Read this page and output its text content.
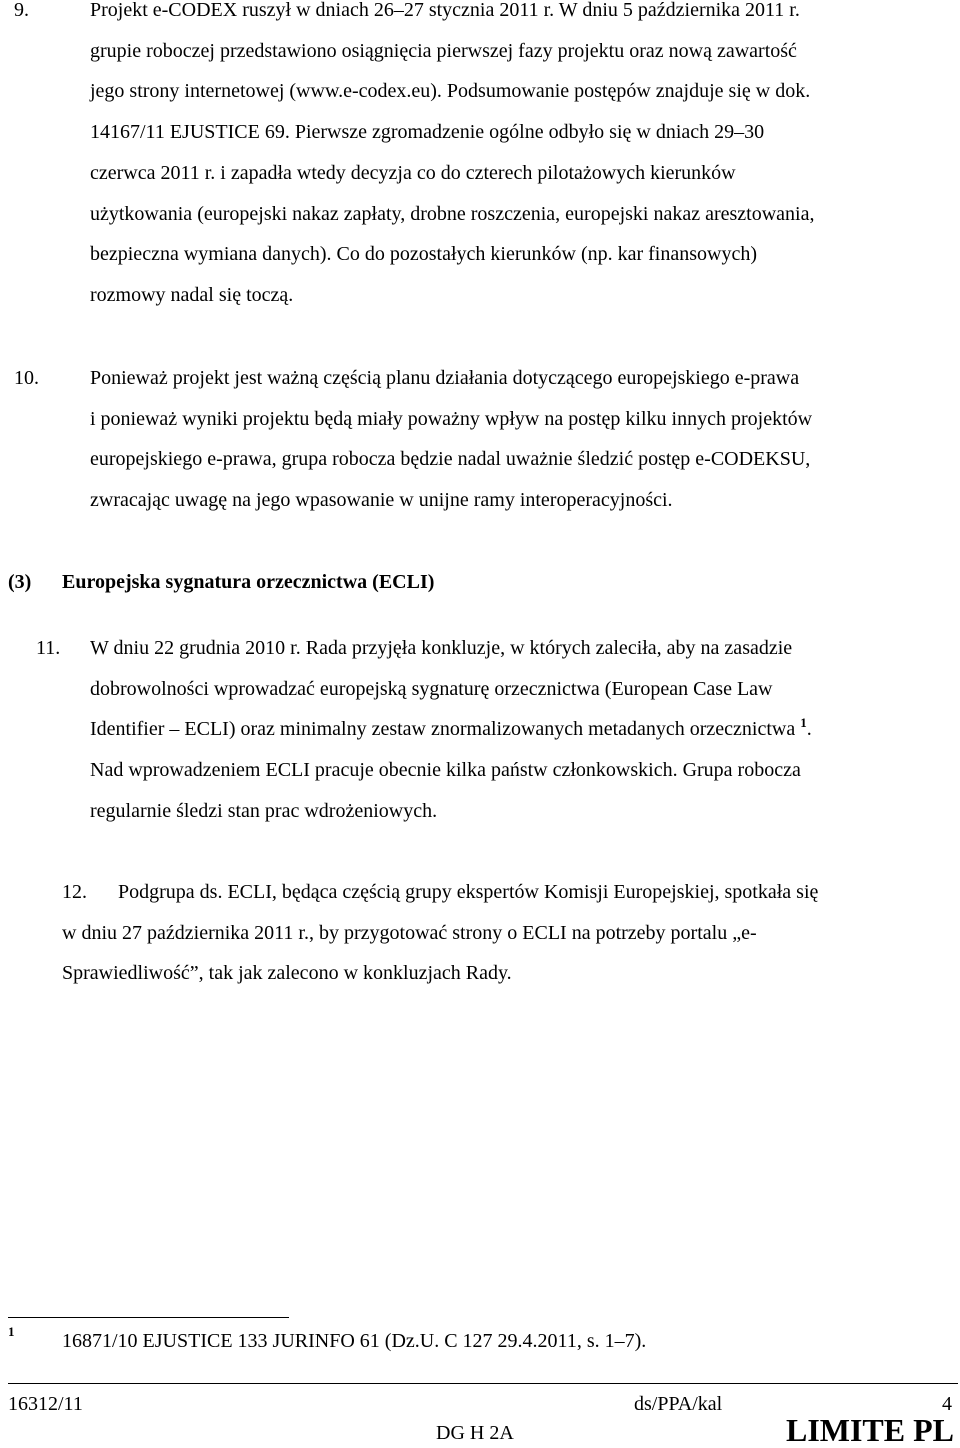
9.	Projekt e-CODEX ruszył w dniach 26–27 stycznia 2011 r. W dniu 5 października 2011 r.

grupie roboczej przedstawiono osiągnięcia pierwszej fazy projektu oraz nową zawartość

jego strony internetowej (www.e-codex.eu). Podsumowanie postępów znajduje się w dok.

14167/11 EJUSTICE 69. Pierwsze zgromadzenie ogólne odbyło się w dniach 29–30

czerwca 2011 r. i zapadła wtedy decyzja co do czterech pilotażowych kierunków

użytkowania (europejski nakaz zapłaty, drobne roszczenia, europejski nakaz aresztowania,

bezpieczna wymiana danych). Co do pozostałych kierunków (np. kar finansowych)

rozmowy nadal się toczą.

10.	Ponieważ projekt jest ważną częścią planu działania dotyczącego europejskiego e-prawa

i ponieważ wyniki projektu będą miały poważny wpływ na postęp kilku innych projektów

europejskiego e-prawa, grupa robocza będzie nadal uważnie śledzić postęp e-CODEKSU,

zwracając uwagę na jego wpasowanie w unijne ramy interoperacyjności.

(3) Europejska sygnatura orzecznictwa (ECLI)
11. W dniu 22 grudnia 2010 r. Rada przyjęła konkluzje, w których zaleciła, aby na zasadzie

dobrowolności wprowadzać europejską sygnaturę orzecznictwa (European Case Law

Identifier – ECLI) oraz minimalny zestaw znormalizowanych metadanych orzecznictwa $^1$.

Nad wprowadzeniem ECLI pracuje obecnie kilka państw członkowskich. Grupa robocza

regularnie śledzi stan prac wdrożeniowych.

12. Podgrupa ds. ECLI, będąca częścią grupy ekspertów Komisji Europejskiej, spotkała się

w dniu 27 października 2011 r., by przygotować strony o ECLI na potrzeby portalu „e-

Sprawiedliwość”, tak jak zalecono w konkluzjach Rady.

1 16871/10 EJUSTICE 133 JURINFO 61 (Dz.U. C 127 29.4.2011, s. 1–7).
16312/11	ds/PPA/kal	4
DG H 2A	LIMITE PL
